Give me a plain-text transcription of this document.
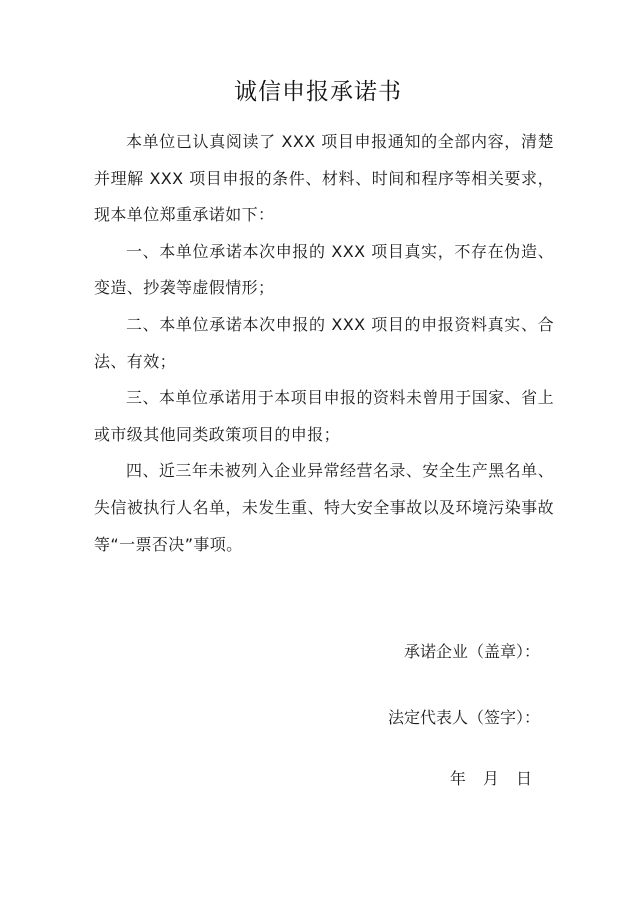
诚信申报承诺书

本单位已认真阅读了 XXX 项目申报通知的全部内容，清楚并理解 XXX 项目申报的条件、材料、时间和程序等相关要求，现本单位郑重承诺如下：

一、本单位承诺本次申报的 XXX 项目真实，不存在伪造、变造、抄袭等虚假情形；

二、本单位承诺本次申报的 XXX 项目的申报资料真实、合法、有效；

三、本单位承诺用于本项目申报的资料未曾用于国家、省上或市级其他同类政策项目的申报；

四、近三年未被列入企业异常经营名录、安全生产黑名单、失信被执行人名单，未发生重、特大安全事故以及环境污染事故等“一票否决”事项。

承诺企业（盖章）：
法定代表人（签字）：
年 月 日
